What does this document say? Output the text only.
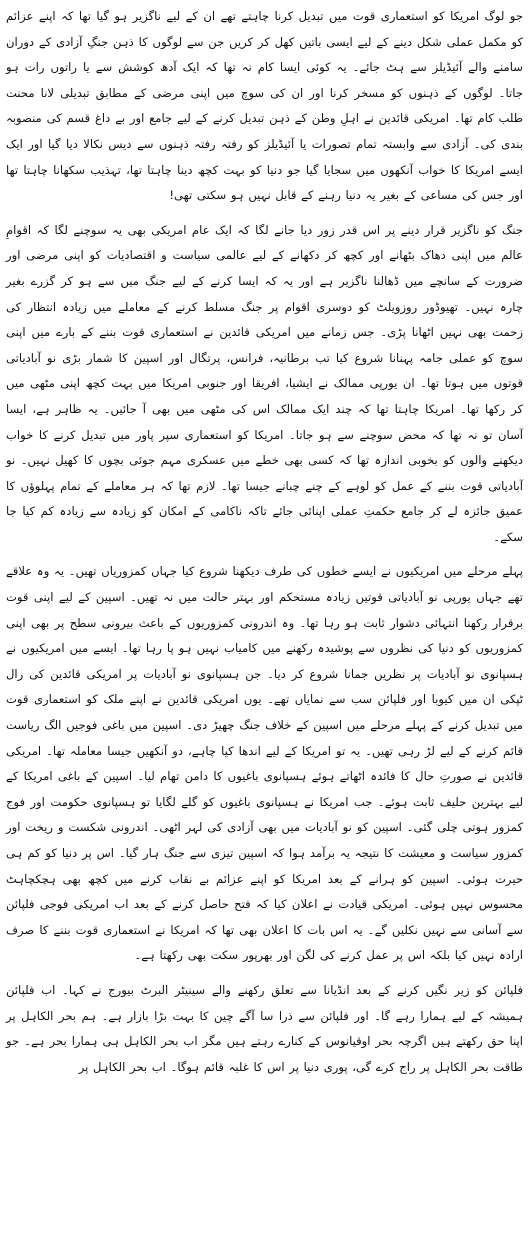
جو لوگ امریکا کو استعماری قوت میں تبدیل کرنا چاہتے تھے ان کے لیے ناگزیر ہو گیا تھا کہ اپنے عزائم کو مکمل عملی شکل دینے کے لیے ایسی باتیں کھل کر کریں جن سے لوگوں کا ذہن جنگِ آزادی کے دوران سامنے والے آئیڈیلز سے ہٹ جائے۔ یہ کوئی ایسا کام نہ تھا کہ ایک آدھ کوشش سے یا راتوں رات ہو جاتا۔ لوگوں کے ذہنوں کو مسخر کرنا اور ان کی سوچ میں اپنی مرضی کے مطابق تبدیلی لانا محنت طلب کام تھا۔ امریکی قائدین نے اہلِ وطن کے ذہن تبدیل کرنے کے لیے جامع اور بے داغ قسم کی منصوبہ بندی کی۔ آزادی سے وابستہ تمام تصورات یا آئیڈیلز کو رفتہ رفتہ ذہنوں سے دیس نکالا دیا گیا اور ایک ایسے امریکا کا خواب آنکھوں میں سجایا گیا جو دنیا کو بہت کچھ دینا چاہتا تھا، تہذیب سکھانا چاہتا تھا اور جس کی مساعی کے بغیر یہ دنیا رہنے کے قابل نہیں ہو سکتی تھی!

جنگ کو ناگزیر قرار دینے پر اس قدر زور دیا جانے لگا کہ ایک عام امریکی بھی یہ سوچنے لگا کہ اقوامِ عالم میں اپنی دھاک بٹھانے اور کچھ کر دکھانے کے لیے عالمی سیاست و اقتصادیات کو اپنی مرضی اور ضرورت کے سانچے میں ڈھالنا ناگزیر ہے اور یہ کہ ایسا کرنے کے لیے جنگ میں سے ہو کر گزرے بغیر چارہ نہیں۔ تھیوڈور روزویلٹ کو دوسری اقوام پر جنگ مسلط کرنے کے معاملے میں زیادہ انتظار کی زحمت بھی نہیں اٹھانا پڑی۔ جس زمانے میں امریکی قائدین نے استعماری قوت بننے کے بارے میں اپنی سوچ کو عملی جامہ پہنانا شروع کیا تب برطانیہ، فرانس، پرتگال اور اسپین کا شمار بڑی نو آبادیاتی قوتوں میں ہوتا تھا۔ ان یورپی ممالک نے ایشیا، افریقا اور جنوبی امریکا میں بہت کچھ اپنی مٹھی میں کر رکھا تھا۔ امریکا چاہتا تھا کہ چند ایک ممالک اس کی مٹھی میں بھی آ جائیں۔ یہ ظاہر ہے، ایسا آسان تو نہ تھا کہ محض سوچنے سے ہو جاتا۔ امریکا کو استعماری سپر پاور میں تبدیل کرنے کا خواب دیکھنے والوں کو بخوبی اندازہ تھا کہ کسی بھی خطے میں عسکری مہم جوئی بچوں کا کھیل نہیں۔ نو آبادیاتی قوت بننے کے عمل کو لوہے کے چنے چبانے جیسا تھا۔ لازم تھا کہ ہر معاملے کے تمام پہلوؤں کا عمیق جائزہ لے کر جامع حکمتِ عملی اپنائی جائے تاکہ ناکامی کے امکان کو زیادہ سے زیادہ کم کیا جا سکے۔

پہلے مرحلے میں امریکیوں نے ایسے خطوں کی طرف دیکھنا شروع کیا جہاں کمزوریاں تھیں۔ یہ وہ علاقے تھے جہاں یورپی نو آبادیاتی قوتیں زیادہ مستحکم اور بہتر حالت میں نہ تھیں۔ اسپین کے لیے اپنی قوت برقرار رکھنا انتہائی دشوار ثابت ہو رہا تھا۔ وہ اندرونی کمزوریوں کے باعث بیرونی سطح پر بھی اپنی کمزوریوں کو دنیا کی نظروں سے پوشیدہ رکھنے میں کامیاب نہیں ہو پا رہا تھا۔ ایسے میں امریکیوں نے ہسپانوی نو آبادیات پر نظریں جمانا شروع کر دیا۔ جن ہسپانوی نو آبادیات پر امریکی قائدین کی رال ٹپکی ان میں کیوبا اور فلپائن سب سے نمایاں تھے۔ یوں امریکی قائدین نے اپنے ملک کو استعماری قوت میں تبدیل کرنے کے پہلے مرحلے میں اسپین کے خلاف جنگ چھیڑ دی۔ اسپین میں باغی فوجیں الگ ریاست قائم کرنے کے لیے لڑ رہی تھیں۔ یہ تو امریکا کے لیے اندھا کیا چاہے، دو آنکھیں جیسا معاملہ تھا۔ امریکی قائدین نے صورتِ حال کا فائدہ اٹھاتے ہوئے ہسپانوی باغیوں کا دامن تھام لیا۔ اسپین کے باغی امریکا کے لیے بہترین حلیف ثابت ہوئے۔ جب امریکا نے ہسپانوی باغیوں کو گلے لگایا تو ہسپانوی حکومت اور فوج کمزور ہوتی چلی گئی۔ اسپین کو نو آبادیات میں بھی آزادی کی لہر اٹھی۔ اندرونی شکست و ریخت اور کمزور سیاست و معیشت کا نتیجہ یہ برآمد ہوا کہ اسپین تیزی سے جنگ ہار گیا۔ اس پر دنیا کو کم ہی حیرت ہوئی۔ اسپین کو ہرانے کے بعد امریکا کو اپنے عزائم بے نقاب کرنے میں کچھ بھی ہچکچاہٹ محسوس نہیں ہوئی۔ امریکی قیادت نے اعلان کیا کہ فتح حاصل کرنے کے بعد اب امریکی فوجی فلپائن سے آسانی سے نہیں نکلیں گے۔ یہ اس بات کا اعلان بھی تھا کہ امریکا نے استعماری قوت بننے کا صرف ارادہ نہیں کیا بلکہ اس پر عمل کرنے کی لگن اور بھرپور سکت بھی رکھتا ہے۔

فلپائن کو زیر نگیں کرنے کے بعد انڈیانا سے تعلق رکھنے والے سینیٹر البرٹ بیورج نے کہا۔ اب فلپائن ہمیشہ کے لیے ہمارا رہے گا۔ اور فلپائن سے ذرا سا آگے چین کا بہت بڑا بازار ہے۔ ہم بحر الکاہل پر اپنا حق رکھتے ہیں اگرچہ بحر اوقیانوس کے کنارے رہتے ہیں مگر اب بحر الکاہل ہی ہمارا بحر ہے۔ جو طاقت بحر الکاہل پر راج کرے گی، پوری دنیا پر اس کا غلبہ قائم ہوگا۔ اب بحر الکاہل پر
